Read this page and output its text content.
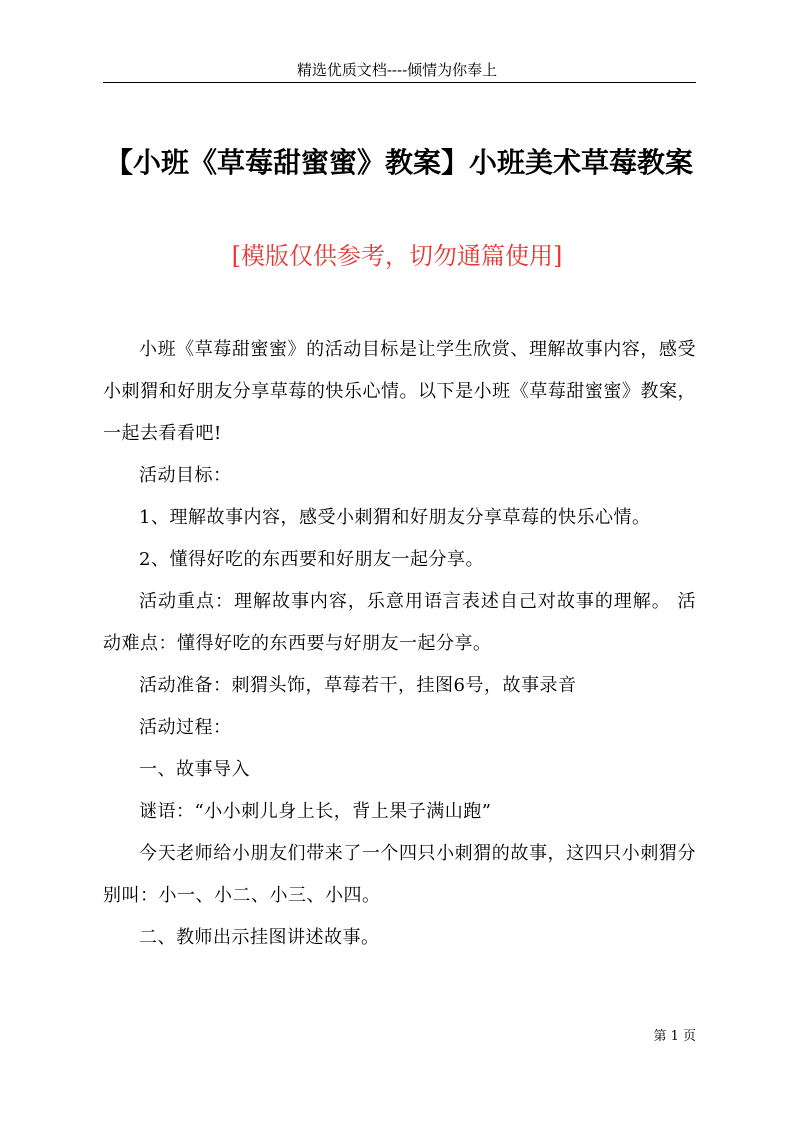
精选优质文档----倾情为你奉上
【小班《草莓甜蜜蜜》教案】小班美术草莓教案
[模版仅供参考，切勿通篇使用]

小班《草莓甜蜜蜜》的活动目标是让学生欣赏、理解故事内容，感受小刺猬和好朋友分享草莓的快乐心情。以下是小班《草莓甜蜜蜜》教案，一起去看看吧!

活动目标：

1、理解故事内容，感受小刺猬和好朋友分享草莓的快乐心情。

2、懂得好吃的东西要和好朋友一起分享。

活动重点：理解故事内容，乐意用语言表述自己对故事的理解。 活动难点：懂得好吃的东西要与好朋友一起分享。

活动准备：刺猬头饰，草莓若干，挂图6号，故事录音

活动过程：

一、故事导入

谜语：“小小刺儿身上长，背上果子满山跑”

今天老师给小朋友们带来了一个四只小刺猬的故事，这四只小刺猬分别叫：小一、小二、小三、小四。

二、教师出示挂图讲述故事。

第 1 页
